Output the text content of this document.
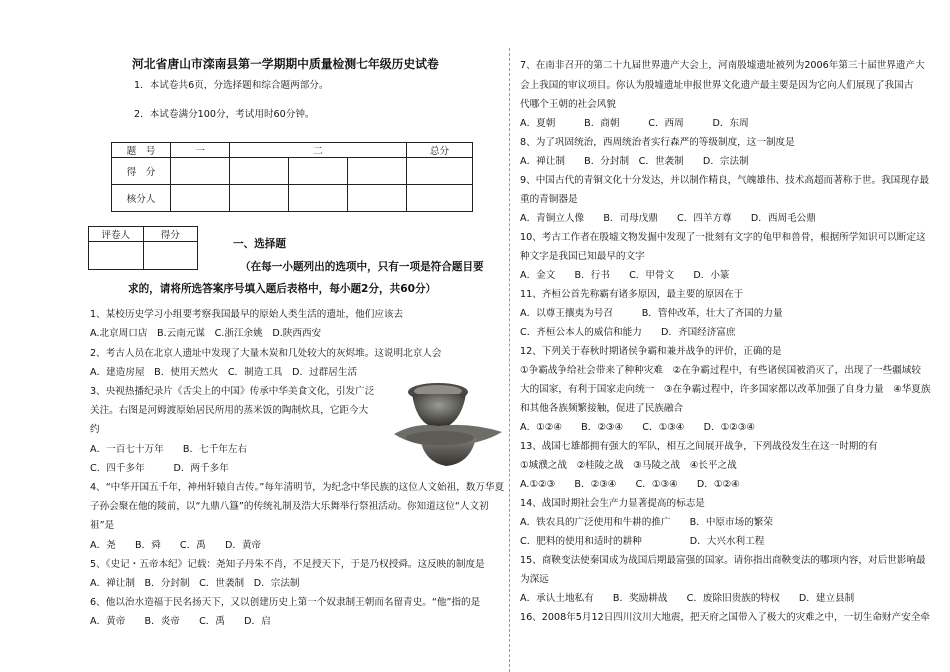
河北省唐山市滦南县第一学期期中质量检测七年级历史试卷
1．本试卷共6页，分选择题和综合题两部分。
2．本试卷满分100分，考试用时60分钟。
题　号	一	二			总分
得　分					
核分人					
评卷人	得分

一、选择题
（在每一小题列出的选项中，只有一项是符合题目要
求的，请将所选答案序号填入题后表格中，每小题2分，共60分）
1、某校历史学习小组要考察我国最早的原始人类生活的遗址，他们应该去
A.北京周口店　B.云南元谋　C.浙江余姚　D.陕西西安
2、考古人员在北京人遗址中发现了大量木炭和几处较大的灰烬堆。这说明北京人会
A．建造房屋　B．使用天然火　C．制造工具　D．过群居生活
3、央视热播纪录片《舌尖上的中国》传承中华美食文化，引发广泛
关注。右图是河姆渡原始居民所用的蒸米饭的陶制炊具，它距今大
约
A．一百七十万年　　B．七千年左右
C．四千多年　　　D．两千多年
4、“中华开国五千年，神州轩辕自古传。”每年清明节，为纪念中华民族的这位人文始祖，数万华夏
子孙会聚在他的陵前，以“九鼎八簋”的传统礼制及浩大乐舞举行祭祖活动。你知道这位“人文初
祖”是
A．尧　　B．舜　　C．禹　　D．黄帝
5、《史记・五帝本纪》记载：尧知子丹朱不肖，不足授天下，于是乃权授舜。这反映的制度是
A．禅让制　B．分封制　C．世袭制　D．宗法制
6、他以治水造福于民名扬天下，又以创建历史上第一个奴隶制王朝而名留青史。“他”指的是
A．黄帝　　B．炎帝　　C．禹　　D．启
7、在南非召开的第二十九届世界遗产大会上，河南殷墟遗址被列为2006年第三十届世界遗产大
会上我国的审议项目。你认为殷墟遗址申报世界文化遗产最主要是因为它向人们展现了我国古
代哪个王朝的社会风貌
A．夏朝　　　B．商朝　　　C．西周　　　D．东周
8、为了巩固统治，西周统治者实行森严的等级制度，这一制度是
A．禅让制　　B．分封制　C．世袭制　　D．宗法制
9、中国古代的青铜文化十分发达，并以制作精良，气魄雄伟、技术高超而著称于世。我国现存最
重的青铜器是
A．青铜立人像　　B．司母戊鼎　　C．四羊方尊　　D．西周毛公鼎
10、考古工作者在殷墟文物发掘中发现了一批刻有文字的龟甲和兽骨，根据所学知识可以断定这
种文字是我国已知最早的文字
A．金文　　B．行书　　C．甲骨文　　D．小篆
11、齐桓公首先称霸有诸多原因，最主要的原因在于
A．以尊王攘夷为号召　　　B．管仲改革，壮大了齐国的力量
C．齐桓公本人的威信和能力　　D．齐国经济富庶
12、下列关于春秋时期诸侯争霸和兼并战争的评价，正确的是
①争霸战争给社会带来了种种灾难　②在争霸过程中，有些诸侯国被消灭了，出现了一些疆域较
大的国家，有利于国家走向统一　③在争霸过程中，许多国家都以改革加强了自身力量　④华夏族
和其他各族频繁接触，促进了民族融合
A．①②④　　B．②③④　　C．①③④　　D．①②③④
13、战国七雄都拥有强大的军队，相互之间展开战争，下列战役发生在这一时期的有
①城濮之战　②桂陵之战　③马陵之战　④长平之战
A.①②③　　B．②③④　　C．①③④　　D．①②④
14、战国时期社会生产力显著提高的标志是
A．铁农具的广泛使用和牛耕的推广　　B．中原市场的繁荣
C．肥料的使用和适时的耕种　　　　　D．大兴水利工程
15、商鞅变法使秦国成为战国后期最富强的国家。请你指出商鞅变法的哪项内容，对后世影响最
为深远
A．承认土地私有　　B．奖励耕战　　C．废除旧贵族的特权　　D．建立县制
16、2008年5月12日四川汶川大地震，把天府之国带入了极大的灾难之中，一切生命财产安全牵
